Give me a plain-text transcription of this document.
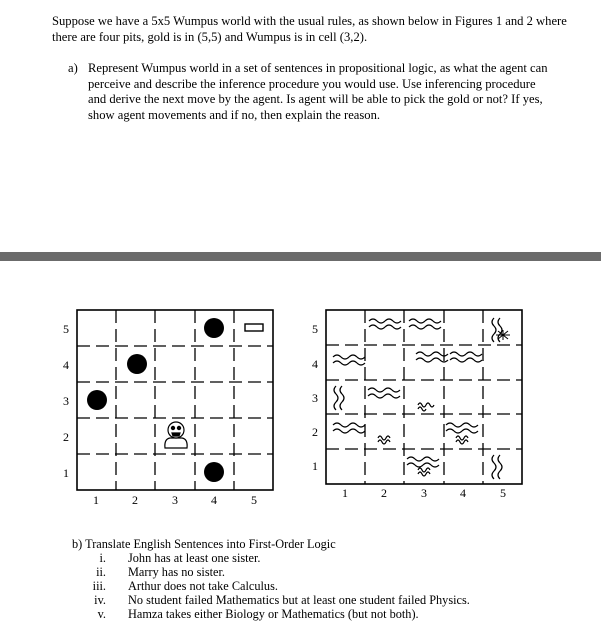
Suppose we have a 5x5 Wumpus world with the usual rules, as shown below in Figures 1 and 2 where there are four pits, gold is in (5,5) and Wumpus is in cell (3,2).
a) Represent Wumpus world in a set of sentences in propositional logic, as what the agent can perceive and describe the inference procedure you would use. Use inferencing procedure and derive the next move by the agent. Is agent will be able to pick the gold or not? If yes, show agent movements and if no, then explain the reason.
5
4
3
2
1
1	2	3	4	5
5
4
3
2
1
1	2	3	4	5
b) Translate English Sentences into First-Order Logic
i.	John has at least one sister.
ii.	Marry has no sister.
iii.	Arthur does not take Calculus.
iv.	No student failed Mathematics but at least one student failed Physics.
v.	Hamza takes either Biology or Mathematics (but not both).
